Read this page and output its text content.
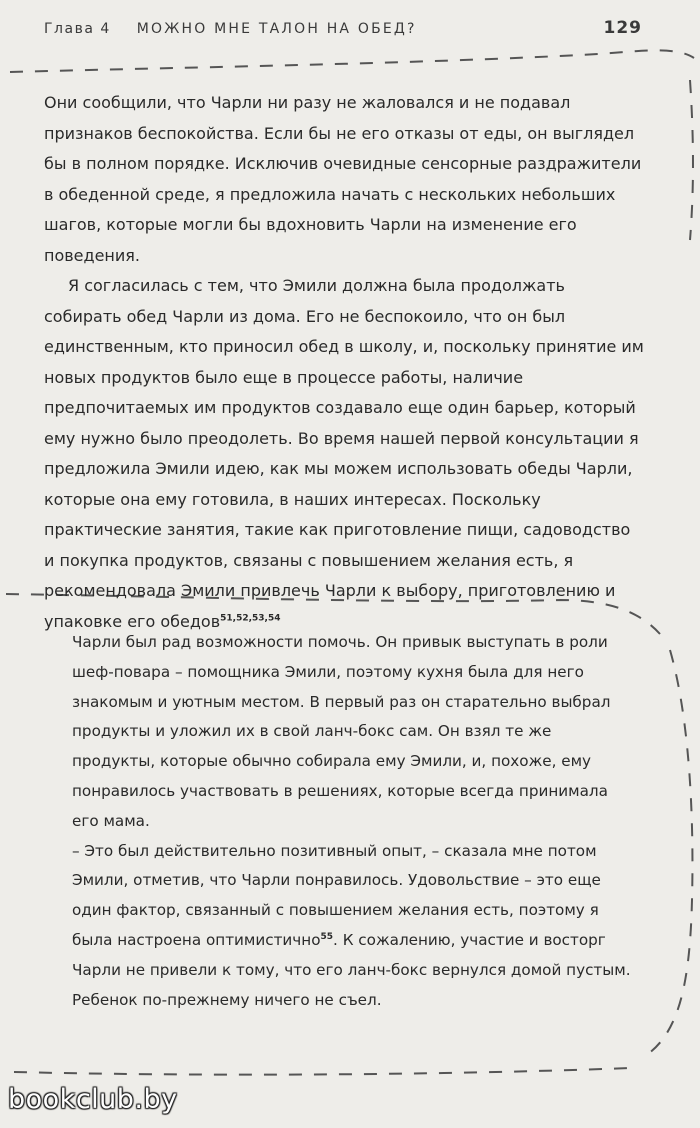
Глава 4 МОЖНО МНЕ ТАЛОН НА ОБЕД?	129

Они сообщили, что Чарли ни разу не жаловался и не подавал признаков беспокойства. Если бы не его отказы от еды, он выглядел бы в полном порядке. Исключив очевидные сенсорные раздражители в обеденной среде, я предложила начать с нескольких небольших шагов, которые могли бы вдохновить Чарли на изменение его поведения.

Я согласилась с тем, что Эмили должна была продолжать собирать обед Чарли из дома. Его не беспокоило, что он был единственным, кто приносил обед в школу, и, поскольку принятие им новых продуктов было еще в процессе работы, наличие предпочитаемых им продуктов создавало еще один барьер, который ему нужно было преодолеть. Во время нашей первой консультации я предложила Эмили идею, как мы можем использовать обеды Чарли, которые она ему готовила, в наших интересах. Поскольку практические занятия, такие как приготовление пищи, садоводство и покупка продуктов, связаны с повышением желания есть, я рекомендовала Эмили привлечь Чарли к выбору, приготовлению и упаковке его обедов$^{51,52,53,54}$

Чарли был рад возможности помочь. Он привык выступать в роли шеф-повара – помощника Эмили, поэтому кухня была для него знакомым и уютным местом. В первый раз он старательно выбрал продукты и уложил их в свой ланч-бокс сам. Он взял те же продукты, которые обычно собирала ему Эмили, и, похоже, ему понравилось участвовать в решениях, которые всегда принимала его мама.

– Это был действительно позитивный опыт, – сказала мне потом Эмили, отметив, что Чарли понравилось. Удовольствие – это еще один фактор, связанный с повышением желания есть, поэтому я была настроена оптимистично$^{55}$. К сожалению, участие и восторг Чарли не привели к тому, что его ланч-бокс вернулся домой пустым. Ребенок по-прежнему ничего не съел.

bookclub.by
